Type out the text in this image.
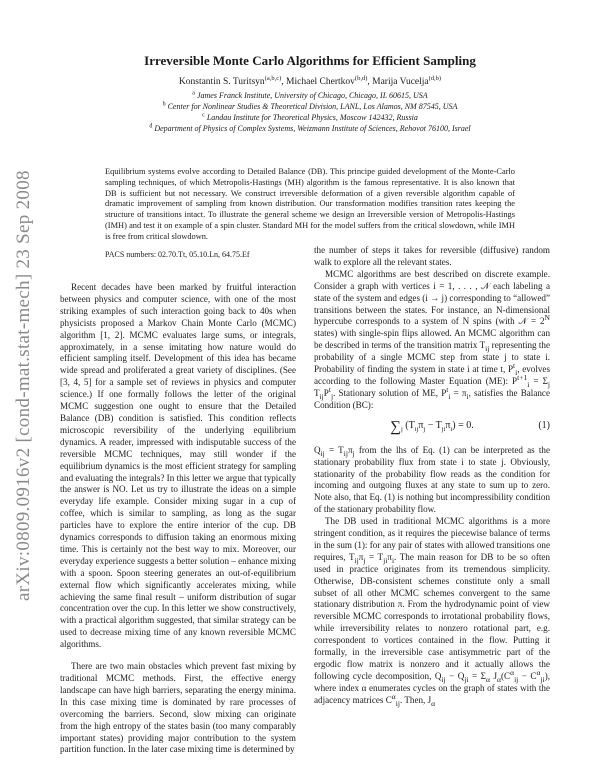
arXiv:0809.0916v2 [cond-mat.stat-mech] 23 Sep 2008
Irreversible Monte Carlo Algorithms for Efficient Sampling
Konstantin S. Turitsyn$^{(a,b,c)}$, Michael Chertkov$^{(b,d)}$, Marija Vucelja$^{(d,b)}$
$^a$ James Franck Institute, University of Chicago, Chicago, IL 60615, USA
$^b$ Center for Nonlinear Studies & Theoretical Division, LANL, Los Alamos, NM 87545, USA
$^c$ Landau Institute for Theoretical Physics, Moscow 142432, Russia
$^d$ Department of Physics of Complex Systems, Weizmann Institute of Sciences, Rehovot 76100, Israel
Equilibrium systems evolve according to Detailed Balance (DB). This principe guided development of the Monte-Carlo sampling techniques, of which Metropolis-Hastings (MH) algorithm is the famous representative. It is also known that DB is sufficient but not necessary. We construct irreversible deformation of a given reversible algorithm capable of dramatic improvement of sampling from known distribution. Our transformation modifies transition rates keeping the structure of transitions intact. To illustrate the general scheme we design an Irreversible version of Metropolis-Hastings (IMH) and test it on example of a spin cluster. Standard MH for the model suffers from the critical slowdown, while IMH is free from critical slowdown.
PACS numbers: 02.70.Tt, 05.10.Ln, 64.75.Ef

Recent decades have been marked by fruitful interaction between physics and computer science, with one of the most striking examples of such interaction going back to 40s when physicists proposed a Markov Chain Monte Carlo (MCMC) algorithm [1, 2]. MCMC evaluates large sums, or integrals, approximately, in a sense imitating how nature would do efficient sampling itself. Development of this idea has became wide spread and proliferated a great variety of disciplines. (See [3, 4, 5] for a sample set of reviews in physics and computer science.) If one formally follows the letter of the original MCMC suggestion one ought to ensure that the Detailed Balance (DB) condition is satisfied. This condition reflects microscopic reversibility of the underlying equilibrium dynamics. A reader, impressed with indisputable success of the reversible MCMC techniques, may still wonder if the equilibrium dynamics is the most efficient strategy for sampling and evaluating the integrals? In this letter we argue that typically the answer is NO. Let us try to illustrate the ideas on a simple everyday life example. Consider mixing sugar in a cup of coffee, which is similar to sampling, as long as the sugar particles have to explore the entire interior of the cup. DB dynamics corresponds to diffusion taking an enormous mixing time. This is certainly not the best way to mix. Moreover, our everyday experience suggests a better solution – enhance mixing with a spoon. Spoon steering generates an out-of-equilibrium external flow which significantly accelerates mixing, while achieving the same final result – uniform distribution of sugar concentration over the cup. In this letter we show constructively, with a practical algorithm suggested, that similar strategy can be used to decrease mixing time of any known reversible MCMC algorithms.

There are two main obstacles which prevent fast mixing by traditional MCMC methods. First, the effective energy landscape can have high barriers, separating the energy minima. In this case mixing time is dominated by rare processes of overcoming the barriers. Second, slow mixing can originate from the high entropy of the states basin (too many comparably important states) providing major contribution to the system partition function. In the later case mixing time is determined by

the number of steps it takes for reversible (diffusive) random walk to explore all the relevant states.

MCMC algorithms are best described on discrete example. Consider a graph with vertices i = 1, . . . , 𝒩 each labeling a state of the system and edges (i → j) corresponding to “allowed” transitions between the states. For instance, an N-dimensional hypercube corresponds to a system of N spins (with 𝒩 = $2^N$ states) with single-spin flips allowed. An MCMC algorithm can be described in terms of the transition matrix $T_{ij}$ representing the probability of a single MCMC step from state j to state i. Probability of finding the system in state i at time t, $P^t_i$, evolves according to the following Master Equation (ME): $P^{t+1}_i = \Sigma_j$ $T_{ij}P^t_j$. Stationary solution of ME, $P^t_i = \pi_i$, satisfies the Balance Condition (BC):

$\sum_j$ $(T_{ij}\pi_j - T_{ji}\pi_i) = 0$.	(1)

$Q_{ij} = T_{ij}\pi_j$ from the lhs of Eq. (1) can be interpreted as the stationary probability flux from state i to state j. Obviously, stationarity of the probability flow reads as the condition for incoming and outgoing fluxes at any state to sum up to zero. Note also, that Eq. (1) is nothing but incompressibility condition of the stationary probability flow.

The DB used in traditional MCMC algorithms is a more stringent condition, as it requires the piecewise balance of terms in the sum (1): for any pair of states with allowed transitions one requires, $T_{ij}\pi_j = T_{ji}\pi_i$. The main reason for DB to be so often used in practice originates from its tremendous simplicity. Otherwise, DB-consistent schemes constitute only a small subset of all other MCMC schemes convergent to the same stationary distribution π. From the hydrodynamic point of view reversible MCMC corresponds to irrotational probability flows, while irreversibility relates to nonzero rotational part, e.g. correspondent to vortices contained in the flow. Putting it formally, in the irreversible case antisymmetric part of the ergodic flow matrix is nonzero and it actually allows the following cycle decomposition, $Q_{ij} - Q_{ji} = \Sigma_\alpha$ $J_\alpha(C^\alpha_{ij} - C^\alpha_{ji})$, where index α enumerates cycles on the graph of states with the adjacency matrices $C^\alpha_{ij}$. Then, $J_\alpha$
